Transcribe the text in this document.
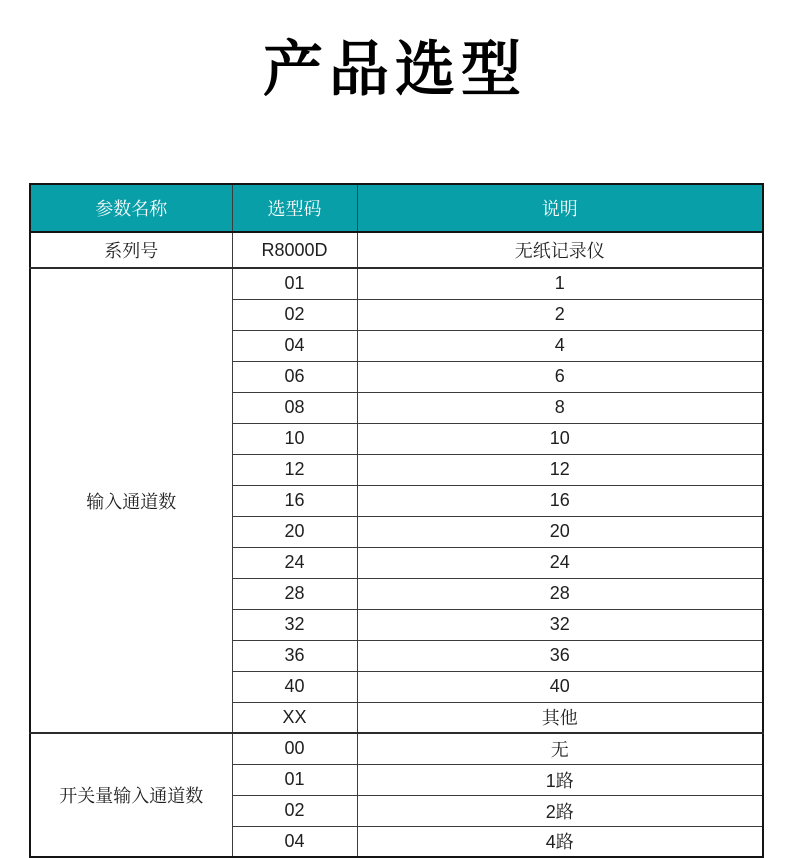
产品选型
参数名称	选型码	说明
系列号	R8000D	无纸记录仪
输入通道数	01	1
	02	2
	04	4
	06	6
	08	8
	10	10
	12	12
	16	16
	20	20
	24	24
	28	28
	32	32
	36	36
	40	40
	XX	其他
开关量输入通道数	00	无
	01	1路
	02	2路
	04	4路
